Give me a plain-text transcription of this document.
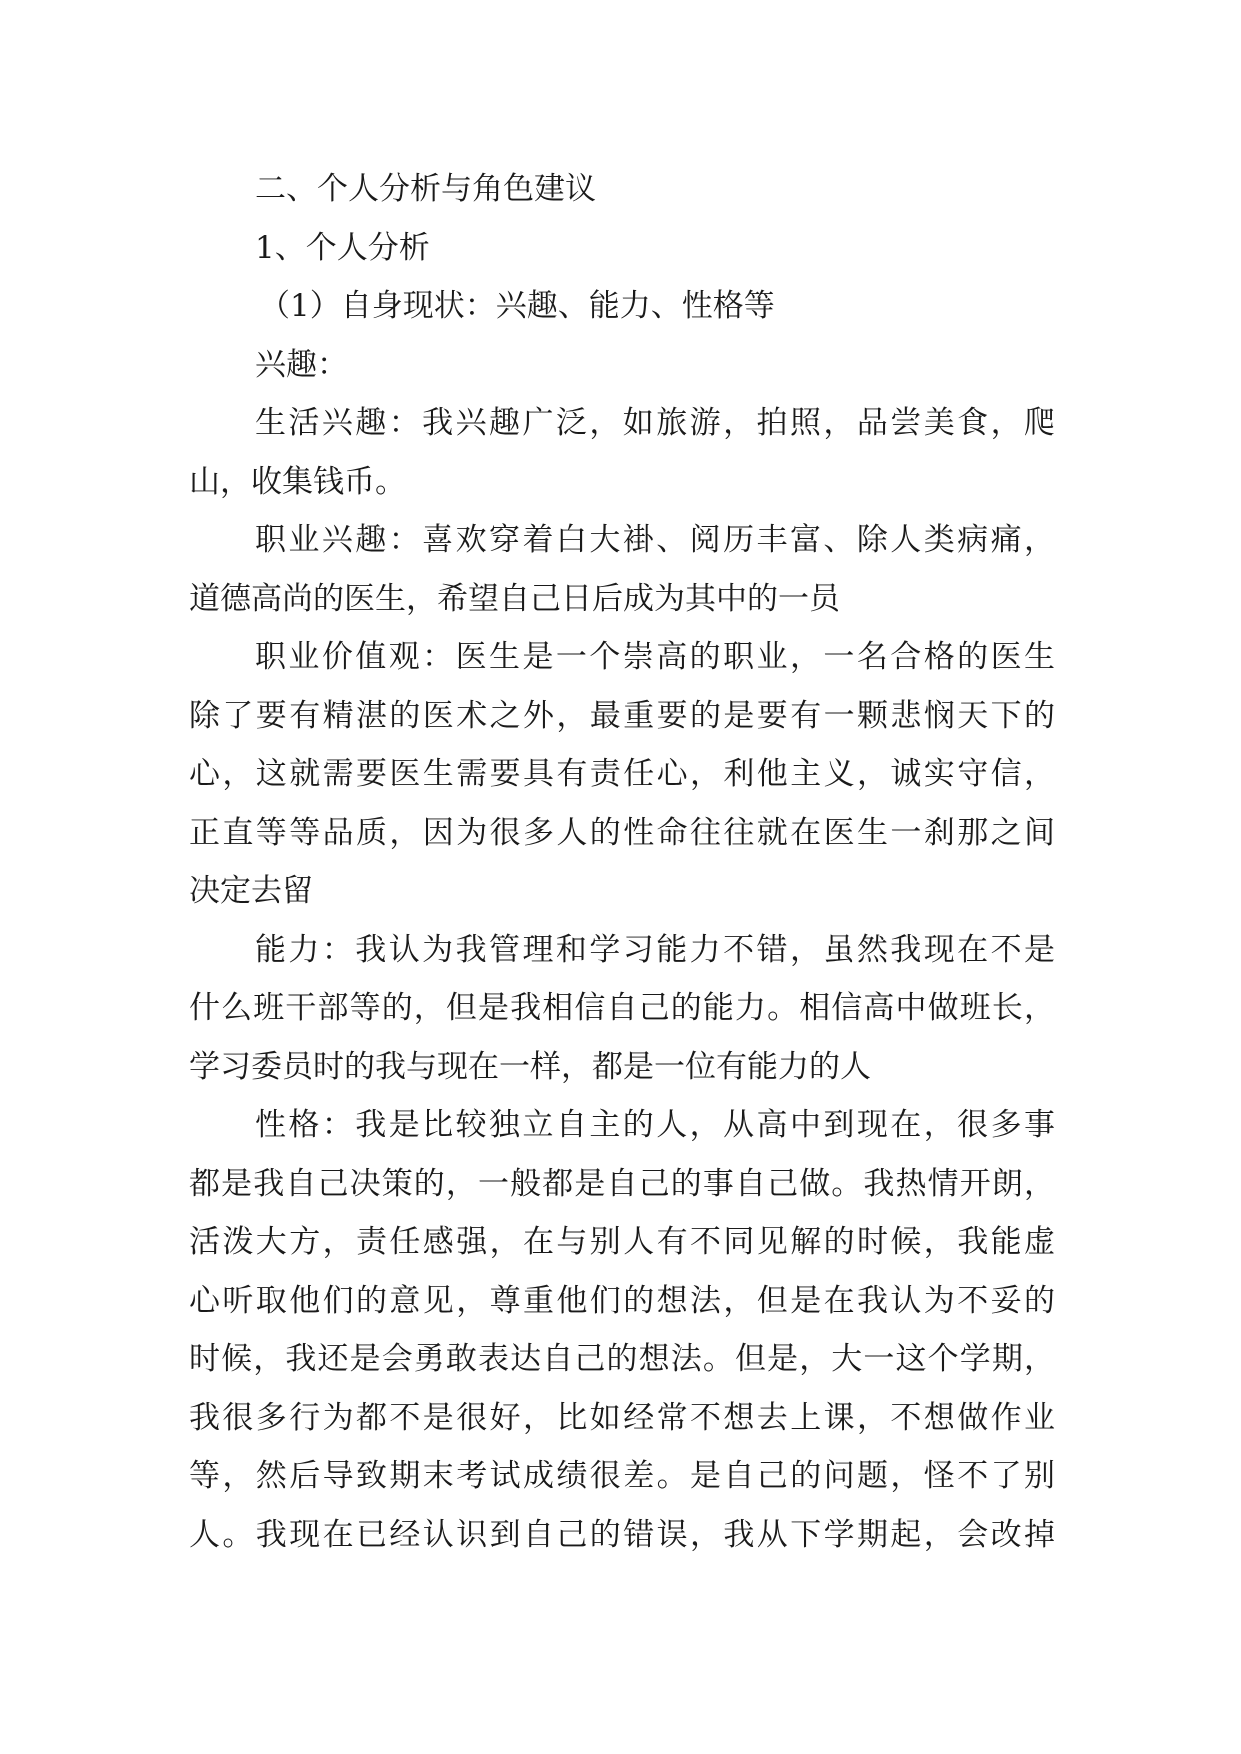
二、个人分析与角色建议
1、个人分析
（1）自身现状：兴趣、能力、性格等
兴趣：
生活兴趣：我兴趣广泛，如旅游，拍照，品尝美食，爬
山，收集钱币。
职业兴趣：喜欢穿着白大褂、阅历丰富、除人类病痛，
道德高尚的医生，希望自己日后成为其中的一员
职业价值观：医生是一个崇高的职业，一名合格的医生
除了要有精湛的医术之外，最重要的是要有一颗悲悯天下的
心，这就需要医生需要具有责任心，利他主义，诚实守信，
正直等等品质，因为很多人的性命往往就在医生一刹那之间
决定去留
能力：我认为我管理和学习能力不错，虽然我现在不是
什么班干部等的，但是我相信自己的能力。相信高中做班长，
学习委员时的我与现在一样，都是一位有能力的人
性格：我是比较独立自主的人，从高中到现在，很多事
都是我自己决策的，一般都是自己的事自己做。我热情开朗，
活泼大方，责任感强，在与别人有不同见解的时候，我能虚
心听取他们的意见，尊重他们的想法，但是在我认为不妥的
时候，我还是会勇敢表达自己的想法。但是，大一这个学期，
我很多行为都不是很好，比如经常不想去上课，不想做作业
等，然后导致期末考试成绩很差。是自己的问题，怪不了别
人。我现在已经认识到自己的错误，我从下学期起，会改掉
